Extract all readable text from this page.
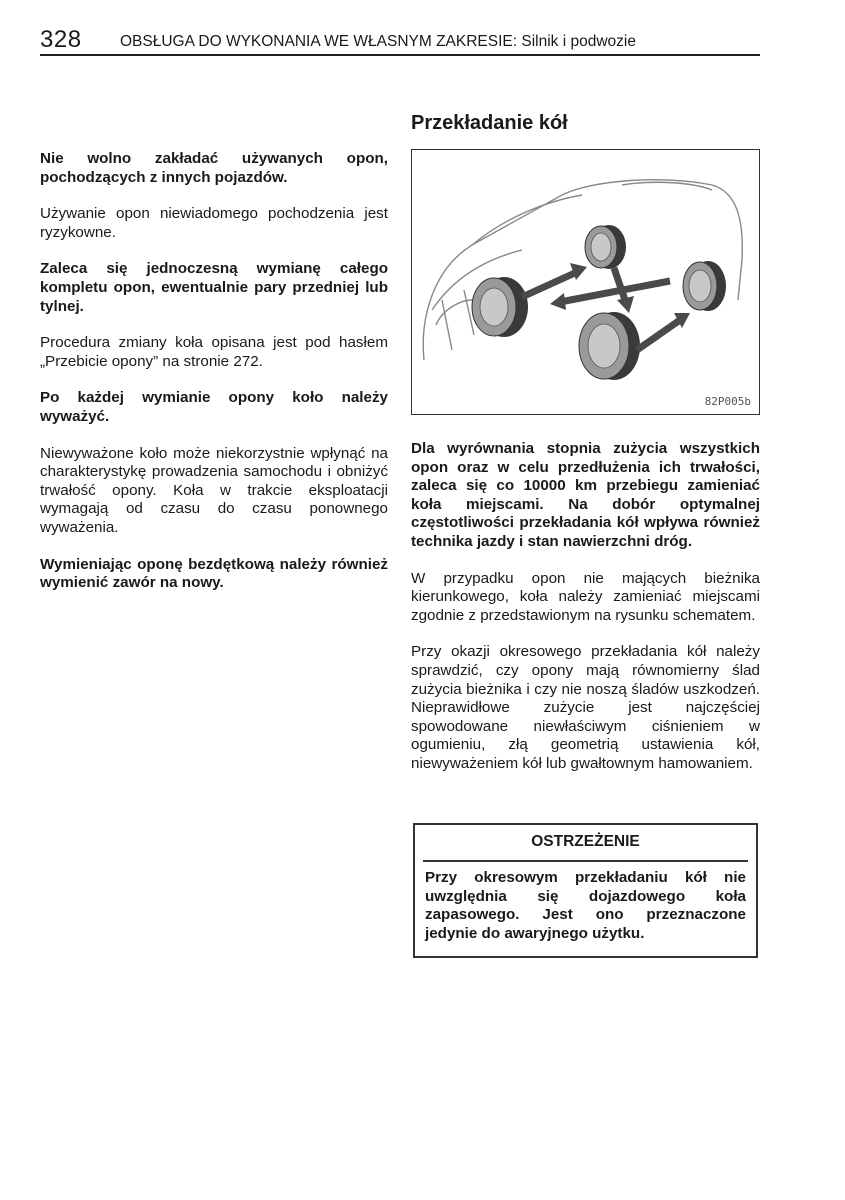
328 OBSŁUGA DO WYKONANIA WE WŁASNYM ZAKRESIE: Silnik i podwozie

Nie wolno zakładać używanych opon, pochodzących z innych pojazdów.

Używanie opon niewiadomego pochodzenia jest ryzykowne.

Zaleca się jednoczesną wymianę całego kompletu opon, ewentualnie pary przedniej lub tylnej.

Procedura zmiany koła opisana jest pod hasłem „Przebicie opony” na stronie 272.

Po każdej wymianie opony koło należy wyważyć.

Niewyważone koło może niekorzystnie wpłynąć na charakterystykę prowadzenia samochodu i obniżyć trwałość opony. Koła w trakcie eksploatacji wymagają od czasu do czasu ponownego wyważenia.

Wymieniając oponę bezdętkową należy również wymienić zawór na nowy.

Przekładanie kół
82P005b

Dla wyrównania stopnia zużycia wszystkich opon oraz w celu przedłużenia ich trwałości, zaleca się co 10000 km przebiegu zamieniać koła miejscami. Na dobór optymalnej częstotliwości przekładania kół wpływa również technika jazdy i stan nawierzchni dróg.

W przypadku opon nie mających bieżnika kierunkowego, koła należy zamieniać miejscami zgodnie z przedstawionym na rysunku schematem.

Przy okazji okresowego przekładania kół należy sprawdzić, czy opony mają równomierny ślad zużycia bieżnika i czy nie noszą śladów uszkodzeń. Nieprawidłowe zużycie jest najczęściej spowodowane niewłaściwym ciśnieniem w ogumieniu, złą geometrią ustawienia kół, niewyważeniem kół lub gwałtownym hamowaniem.

OSTRZEŻENIE
Przy okresowym przekładaniu kół nie uwzględnia się dojazdowego koła zapasowego. Jest ono przeznaczone jedynie do awaryjnego użytku.
